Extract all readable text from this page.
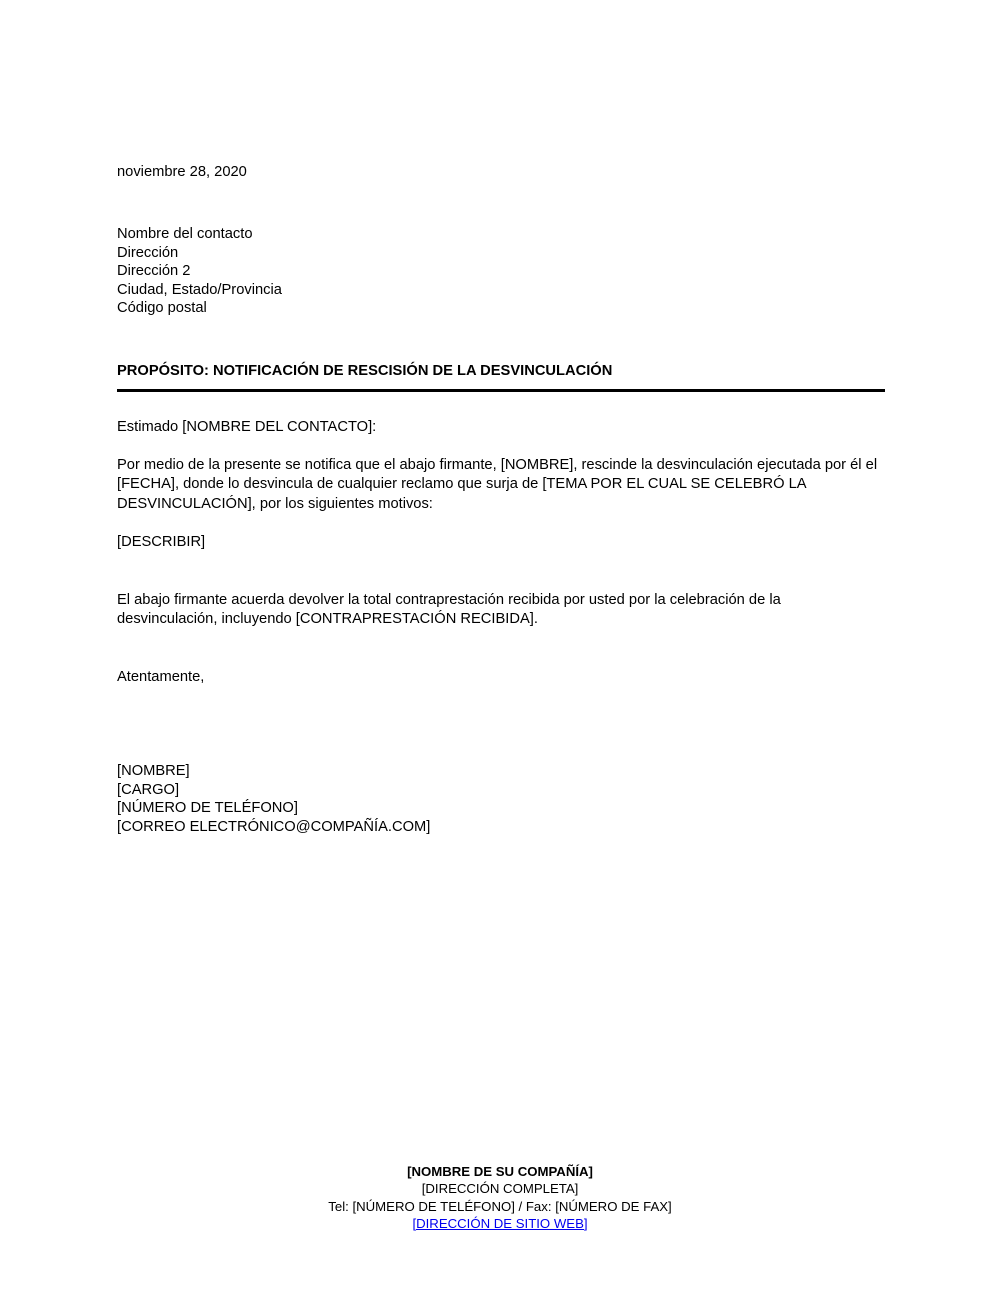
noviembre 28, 2020
Nombre del contacto
Dirección
Dirección 2
Ciudad, Estado/Provincia
Código postal
PROPÓSITO: NOTIFICACIÓN DE RESCISIÓN DE LA DESVINCULACIÓN
Estimado [NOMBRE DEL CONTACTO]:
Por medio de la presente se notifica que el abajo firmante, [NOMBRE], rescinde la desvinculación ejecutada por él el [FECHA], donde lo desvincula de cualquier reclamo que surja de [TEMA POR EL CUAL SE CELEBRÓ LA DESVINCULACIÓN], por los siguientes motivos:
[DESCRIBIR]
El abajo firmante acuerda devolver la total contraprestación recibida por usted por la celebración de la desvinculación, incluyendo [CONTRAPRESTACIÓN RECIBIDA].
Atentamente,
[NOMBRE]
[CARGO]
[NÚMERO DE TELÉFONO]
[CORREO ELECTRÓNICO@COMPAÑÍA.COM]
[NOMBRE DE SU COMPAÑÍA]
[DIRECCIÓN COMPLETA]
Tel: [NÚMERO DE TELÉFONO] / Fax: [NÚMERO DE FAX]
[DIRECCIÓN DE SITIO WEB]
